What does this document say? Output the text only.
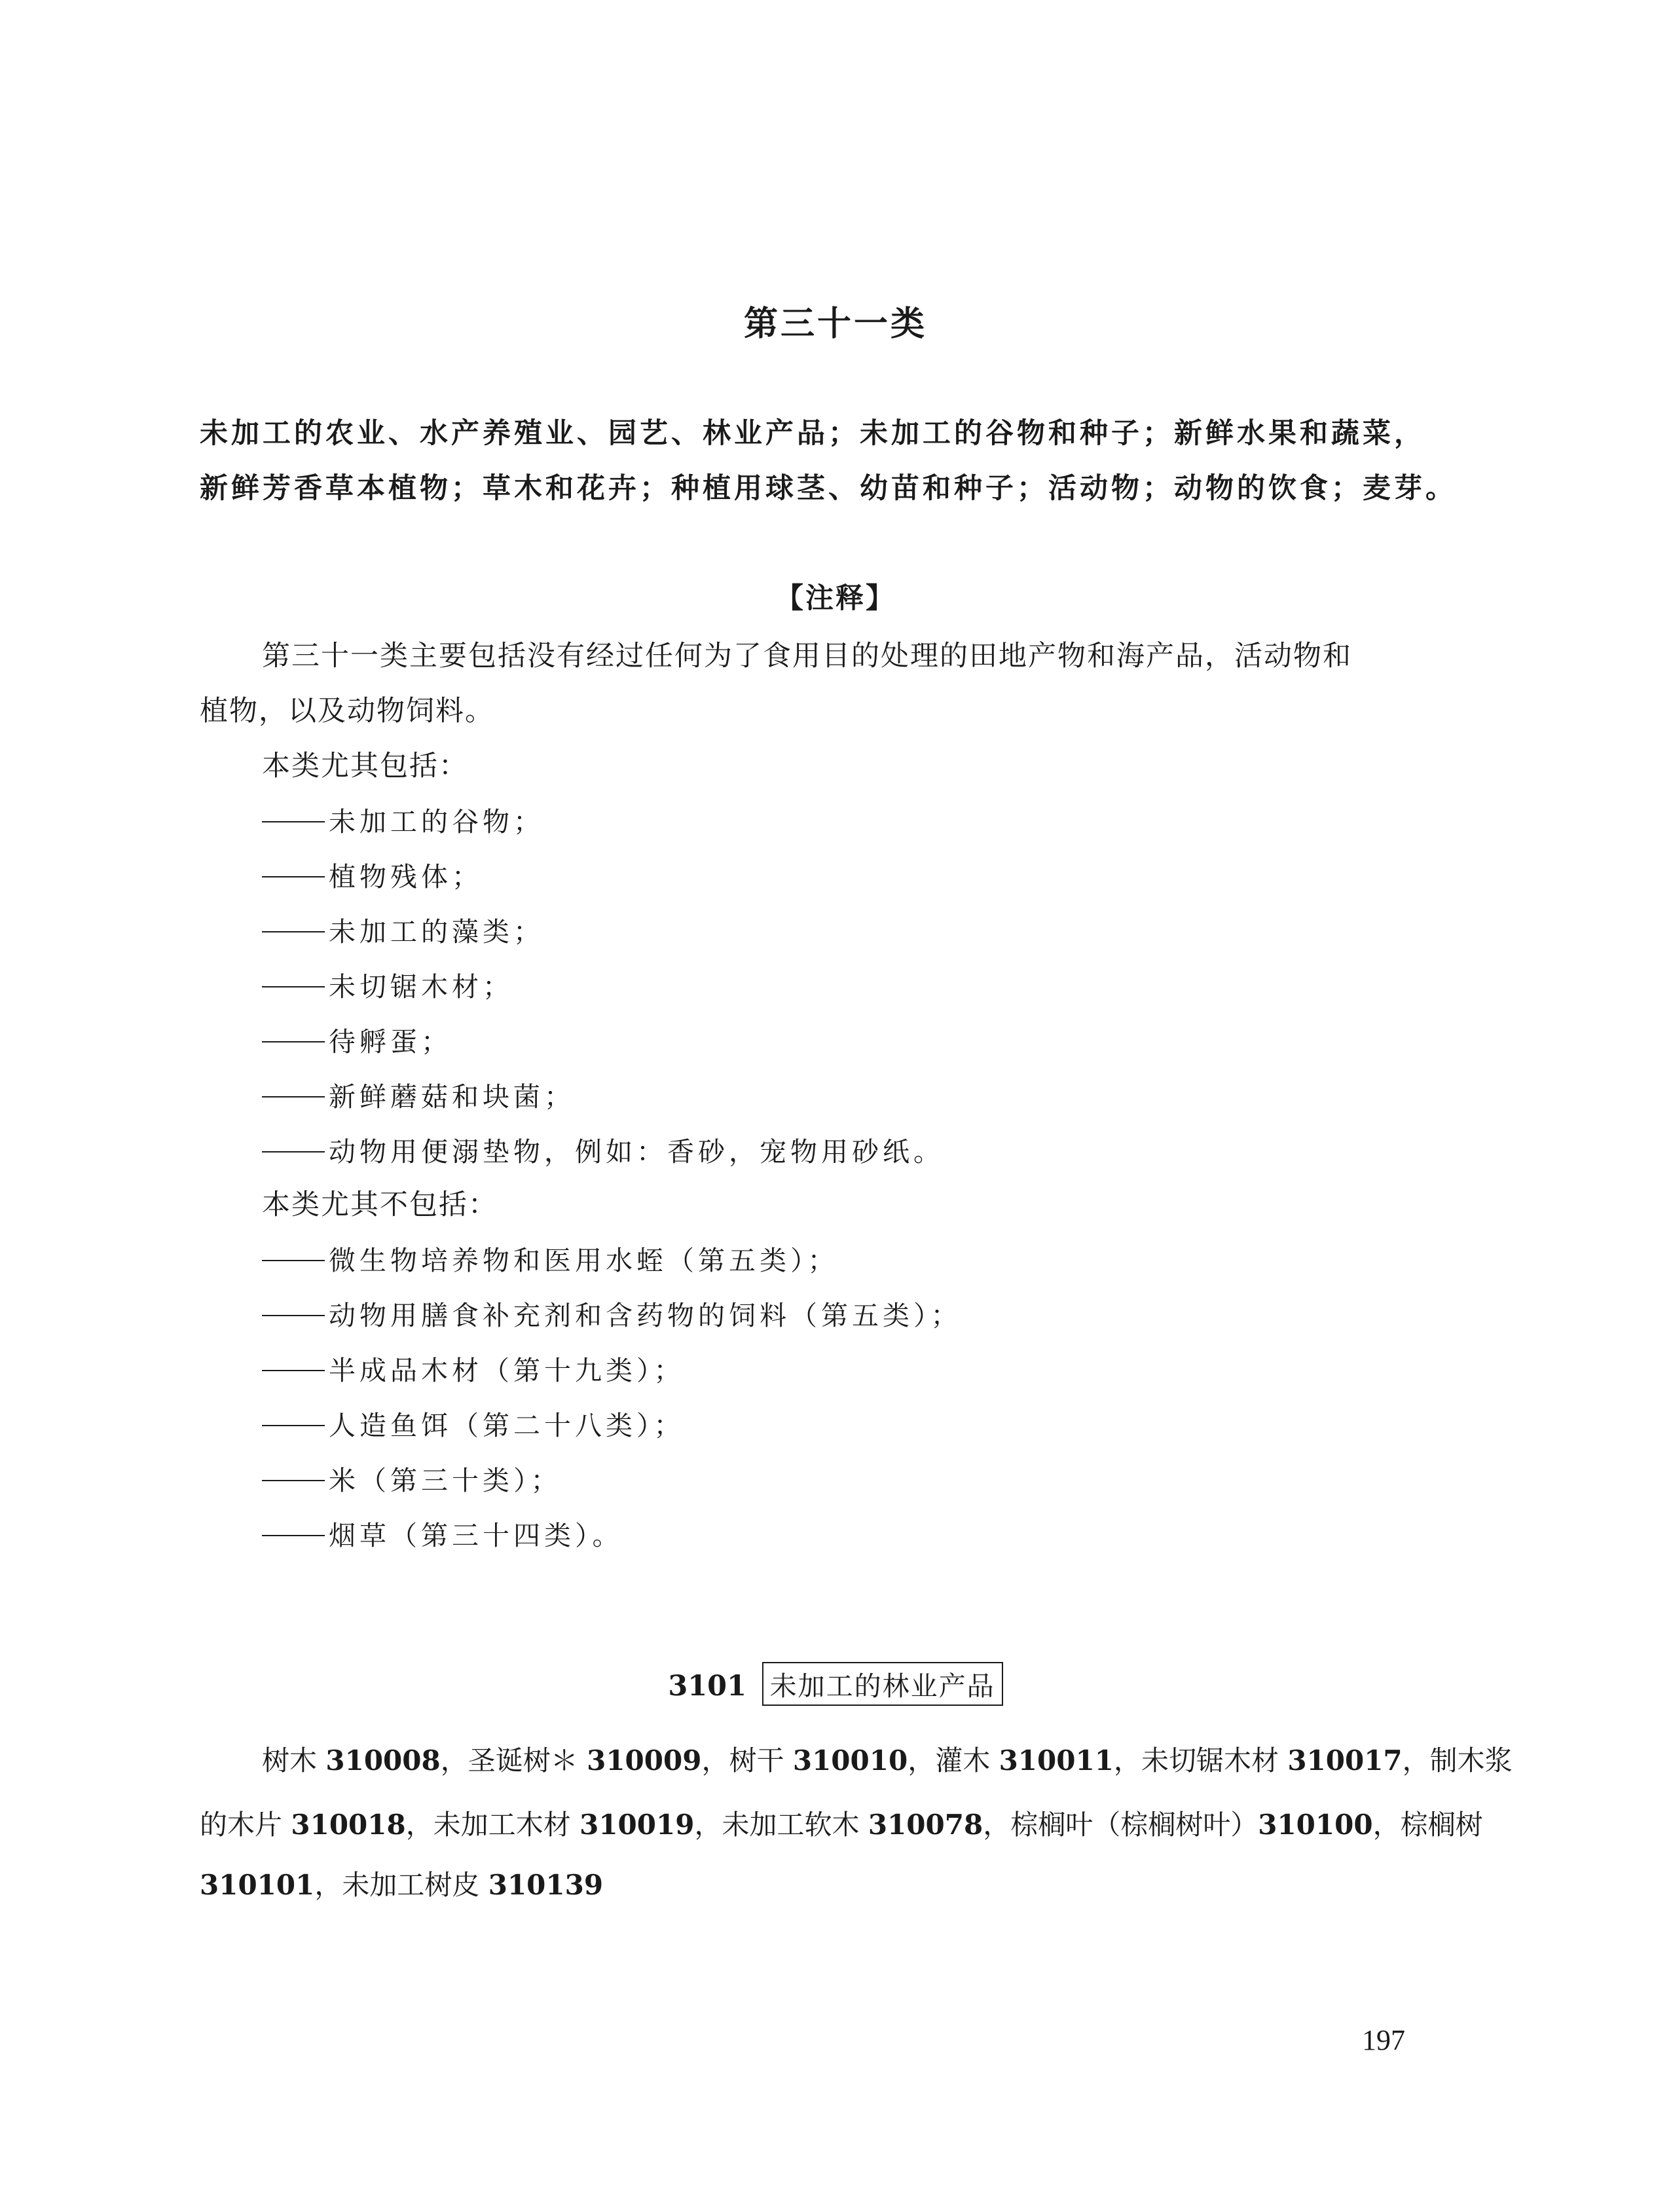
第三十一类

未加工的农业、水产养殖业、园艺、林业产品；未加工的谷物和种子；新鲜水果和蔬菜，

新鲜芳香草本植物；草木和花卉；种植用球茎、幼苗和种子；活动物；动物的饮食；麦芽。

【注释】

第三十一类主要包括没有经过任何为了食用目的处理的田地产物和海产品，活动物和

植物，以及动物饲料。

本类尤其包括：

未加工的谷物；

植物残体；

未加工的藻类；

未切锯木材；

待孵蛋；

新鲜蘑菇和块菌；

动物用便溺垫物，例如：香砂，宠物用砂纸。

本类尤其不包括：

微生物培养物和医用水蛭（第五类）；

动物用膳食补充剂和含药物的饲料（第五类）；

半成品木材（第十九类）；

人造鱼饵（第二十八类）；

米（第三十类）；

烟草（第三十四类）。

3101 未加工的林业产品

树木 310008，圣诞树＊ 310009，树干 310010，灌木 310011，未切锯木材 310017，制木浆

的木片 310018，未加工木材 310019，未加工软木 310078，棕榈叶（棕榈树叶）310100，棕榈树

310101，未加工树皮 310139

197
